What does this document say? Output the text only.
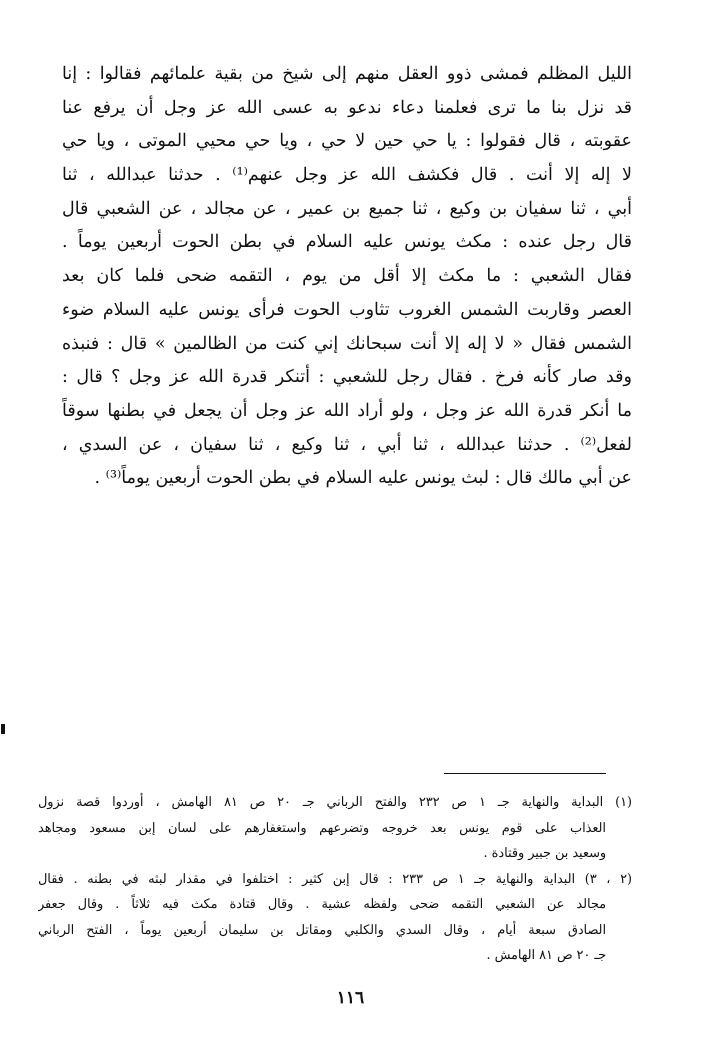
الليل المظلم فمشى ذوو العقل منهم إلى شيخ من بقية علمائهم فقالوا : إنا
قد نزل بنا ما ترى فعلمنا دعاء ندعو به عسى الله عز وجل أن يرفع عنا
عقوبته ، قال فقولوا : يا حي حين لا حي ، ويا حي محيي الموتى ، ويا حي
لا إله إلا أنت . قال فكشف الله عز وجل عنهم⁽¹⁾ . حدثنا عبدالله ، ثنا
أبي ، ثنا سفيان بن وكيع ، ثنا جميع بن عمير ، عن مجالد ، عن الشعبي قال
قال رجل عنده : مكث يونس عليه السلام في بطن الحوت أربعين يوماً .
فقال الشعبي : ما مكث إلا أقل من يوم ، التقمه ضحى فلما كان بعد
العصر وقاربت الشمس الغروب تثاوب الحوت فرأى يونس عليه السلام ضوء
الشمس فقال « لا إله إلا أنت سبحانك إني كنت من الظالمين » قال : فنبذه
وقد صار كأنه فرخ . فقال رجل للشعبي : أتنكر قدرة الله عز وجل ؟ قال :
ما أنكر قدرة الله عز وجل ، ولو أراد الله عز وجل أن يجعل في بطنها سوقاً
لفعل⁽²⁾ . حدثنا عبدالله ، ثنا أبي ، ثنا وكيع ، ثنا سفيان ، عن السدي ،
عن أبي مالك قال : لبث يونس عليه السلام في بطن الحوت أربعين يوماً⁽³⁾ .
(١) البداية والنهاية جـ ١ ص ٢٣٢ والفتح الرباني جـ ٢٠ ص ٨١ الهامش ، أوردوا قصة نزول
العذاب على قوم يونس بعد خروجه وتضرعهم واستغفارهم على لسان إبن مسعود ومجاهد
وسعيد بن جبير وقتادة .
(٢ ، ٣) البداية والنهاية جـ ١ ص ٢٣٣ : قال إبن كثير : اختلفوا في مقدار لبثه في بطنه . فقال
مجالد عن الشعبي التقمه ضحى ولفظه عشية . وقال قتادة مكث فيه ثلاثاً . وقال جعفر
الصادق سبعة أيام ، وقال السدي والكلبي ومقاتل بن سليمان أربعين يوماً ، الفتح الرباني
جـ ٢٠ ص ٨١ الهامش .
١١٦
